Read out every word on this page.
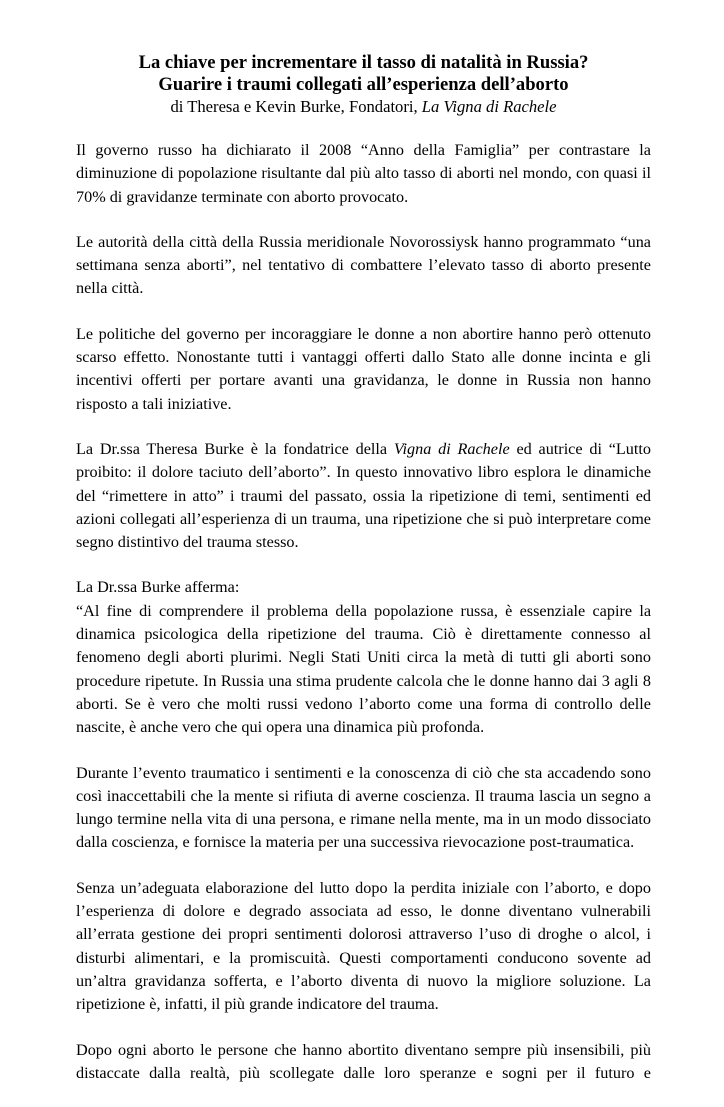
La chiave per incrementare il tasso di natalità in Russia?
Guarire i traumi collegati all’esperienza dell’aborto

di Theresa e Kevin Burke, Fondatori, La Vigna di Rachele

Il governo russo ha dichiarato il 2008 “Anno della Famiglia” per contrastare la diminuzione di popolazione risultante dal più alto tasso di aborti nel mondo, con quasi il 70% di gravidanze terminate con aborto provocato.

Le autorità della città della Russia meridionale Novorossiysk hanno programmato “una settimana senza aborti”, nel tentativo di combattere l’elevato tasso di aborto presente nella città.

Le politiche del governo per incoraggiare le donne a non abortire hanno però ottenuto scarso effetto. Nonostante tutti i vantaggi offerti dallo Stato alle donne incinta e gli incentivi offerti per portare avanti una gravidanza, le donne in Russia non hanno risposto a tali iniziative.

La Dr.ssa Theresa Burke è la fondatrice della Vigna di Rachele ed autrice di “Lutto proibito: il dolore taciuto dell’aborto”. In questo innovativo libro esplora le dinamiche del “rimettere in atto” i traumi del passato, ossia la ripetizione di temi, sentimenti ed azioni collegati all’esperienza di un trauma, una ripetizione che si può interpretare come segno distintivo del trauma stesso.

La Dr.ssa Burke afferma:

“Al fine di comprendere il problema della popolazione russa, è essenziale capire la dinamica psicologica della ripetizione del trauma. Ciò è direttamente connesso al fenomeno degli aborti plurimi. Negli Stati Uniti circa la metà di tutti gli aborti sono procedure ripetute. In Russia una stima prudente calcola che le donne hanno dai 3 agli 8 aborti. Se è vero che molti russi vedono l’aborto come una forma di controllo delle nascite, è anche vero che qui opera una dinamica più profonda.

Durante l’evento traumatico i sentimenti e la conoscenza di ciò che sta accadendo sono così inaccettabili che la mente si rifiuta di averne coscienza. Il trauma lascia un segno a lungo termine nella vita di una persona, e rimane nella mente, ma in un modo dissociato dalla coscienza, e fornisce la materia per una successiva rievocazione post-traumatica.

Senza un’adeguata elaborazione del lutto dopo la perdita iniziale con l’aborto, e dopo l’esperienza di dolore e degrado associata ad esso, le donne diventano vulnerabili all’errata gestione dei propri sentimenti dolorosi attraverso l’uso di droghe o alcol, i disturbi alimentari, e la promiscuità. Questi comportamenti conducono sovente ad un’altra gravidanza sofferta, e l’aborto diventa di nuovo la migliore soluzione. La ripetizione è, infatti, il più grande indicatore del trauma.

Dopo ogni aborto le persone che hanno abortito diventano sempre più insensibili, più distaccate dalla realtà, più scollegate dalle loro speranze e sogni per il futuro e
